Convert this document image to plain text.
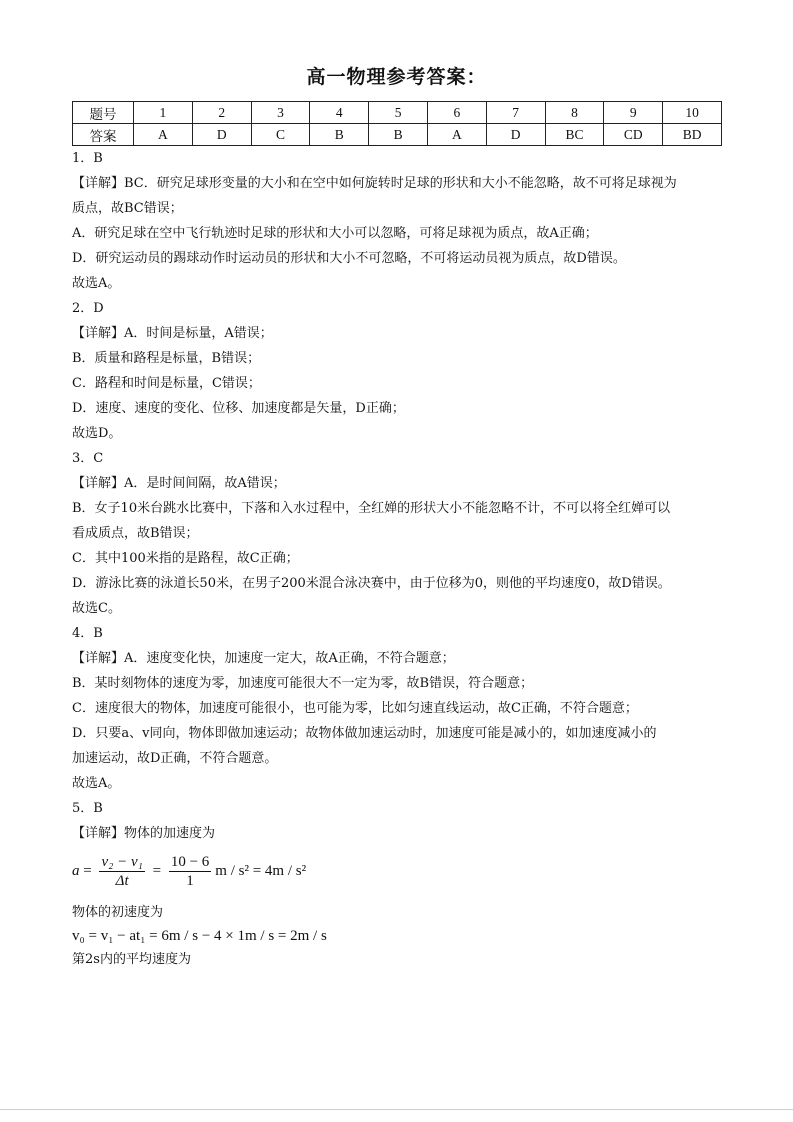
高一物理参考答案：
题号	1	2	3	4	5	6	7	8	9	10
答案	A	D	C	B	B	A	D	BC	CD	BD

1．B

【详解】BC．研究足球形变量的大小和在空中如何旋转时足球的形状和大小不能忽略，故不可将足球视为

质点，故BC错误；

A．研究足球在空中飞行轨迹时足球的形状和大小可以忽略，可将足球视为质点，故A正确；

D．研究运动员的踢球动作时运动员的形状和大小不可忽略，不可将运动员视为质点，故D错误。

故选A。

2．D

【详解】A．时间是标量，A错误；

B．质量和路程是标量，B错误；

C．路程和时间是标量，C错误；

D．速度、速度的变化、位移、加速度都是矢量，D正确；

故选D。

3．C

【详解】A．是时间间隔，故A错误；

B．女子10米台跳水比赛中，下落和入水过程中，全红婵的形状大小不能忽略不计，不可以将全红婵可以

看成质点，故B错误；

C．其中100米指的是路程，故C正确；

D．游泳比赛的泳道长50米，在男子200米混合泳决赛中，由于位移为0，则他的平均速度0，故D错误。

故选C。

4．B

【详解】A．速度变化快，加速度一定大，故A正确，不符合题意；

B．某时刻物体的速度为零，加速度可能很大不一定为零，故B错误，符合题意；

C．速度很大的物体，加速度可能很小，也可能为零，比如匀速直线运动，故C正确，不符合题意；

D．只要a、v同向，物体即做加速运动；故物体做加速运动时，加速度可能是减小的，如加速度减小的

加速运动，故D正确，不符合题意。

故选A。

5．B

【详解】物体的加速度为

$a = \frac{\text{v₂ − v₁}}{\Delta t} = \frac{10 - 6}{1}$ m / s²
= 4m / s²

物体的初速度为

v₀ = v₁ − at₁ = 6m / s − 4 × 1m / s = 2m / s

第2s内的平均速度为
